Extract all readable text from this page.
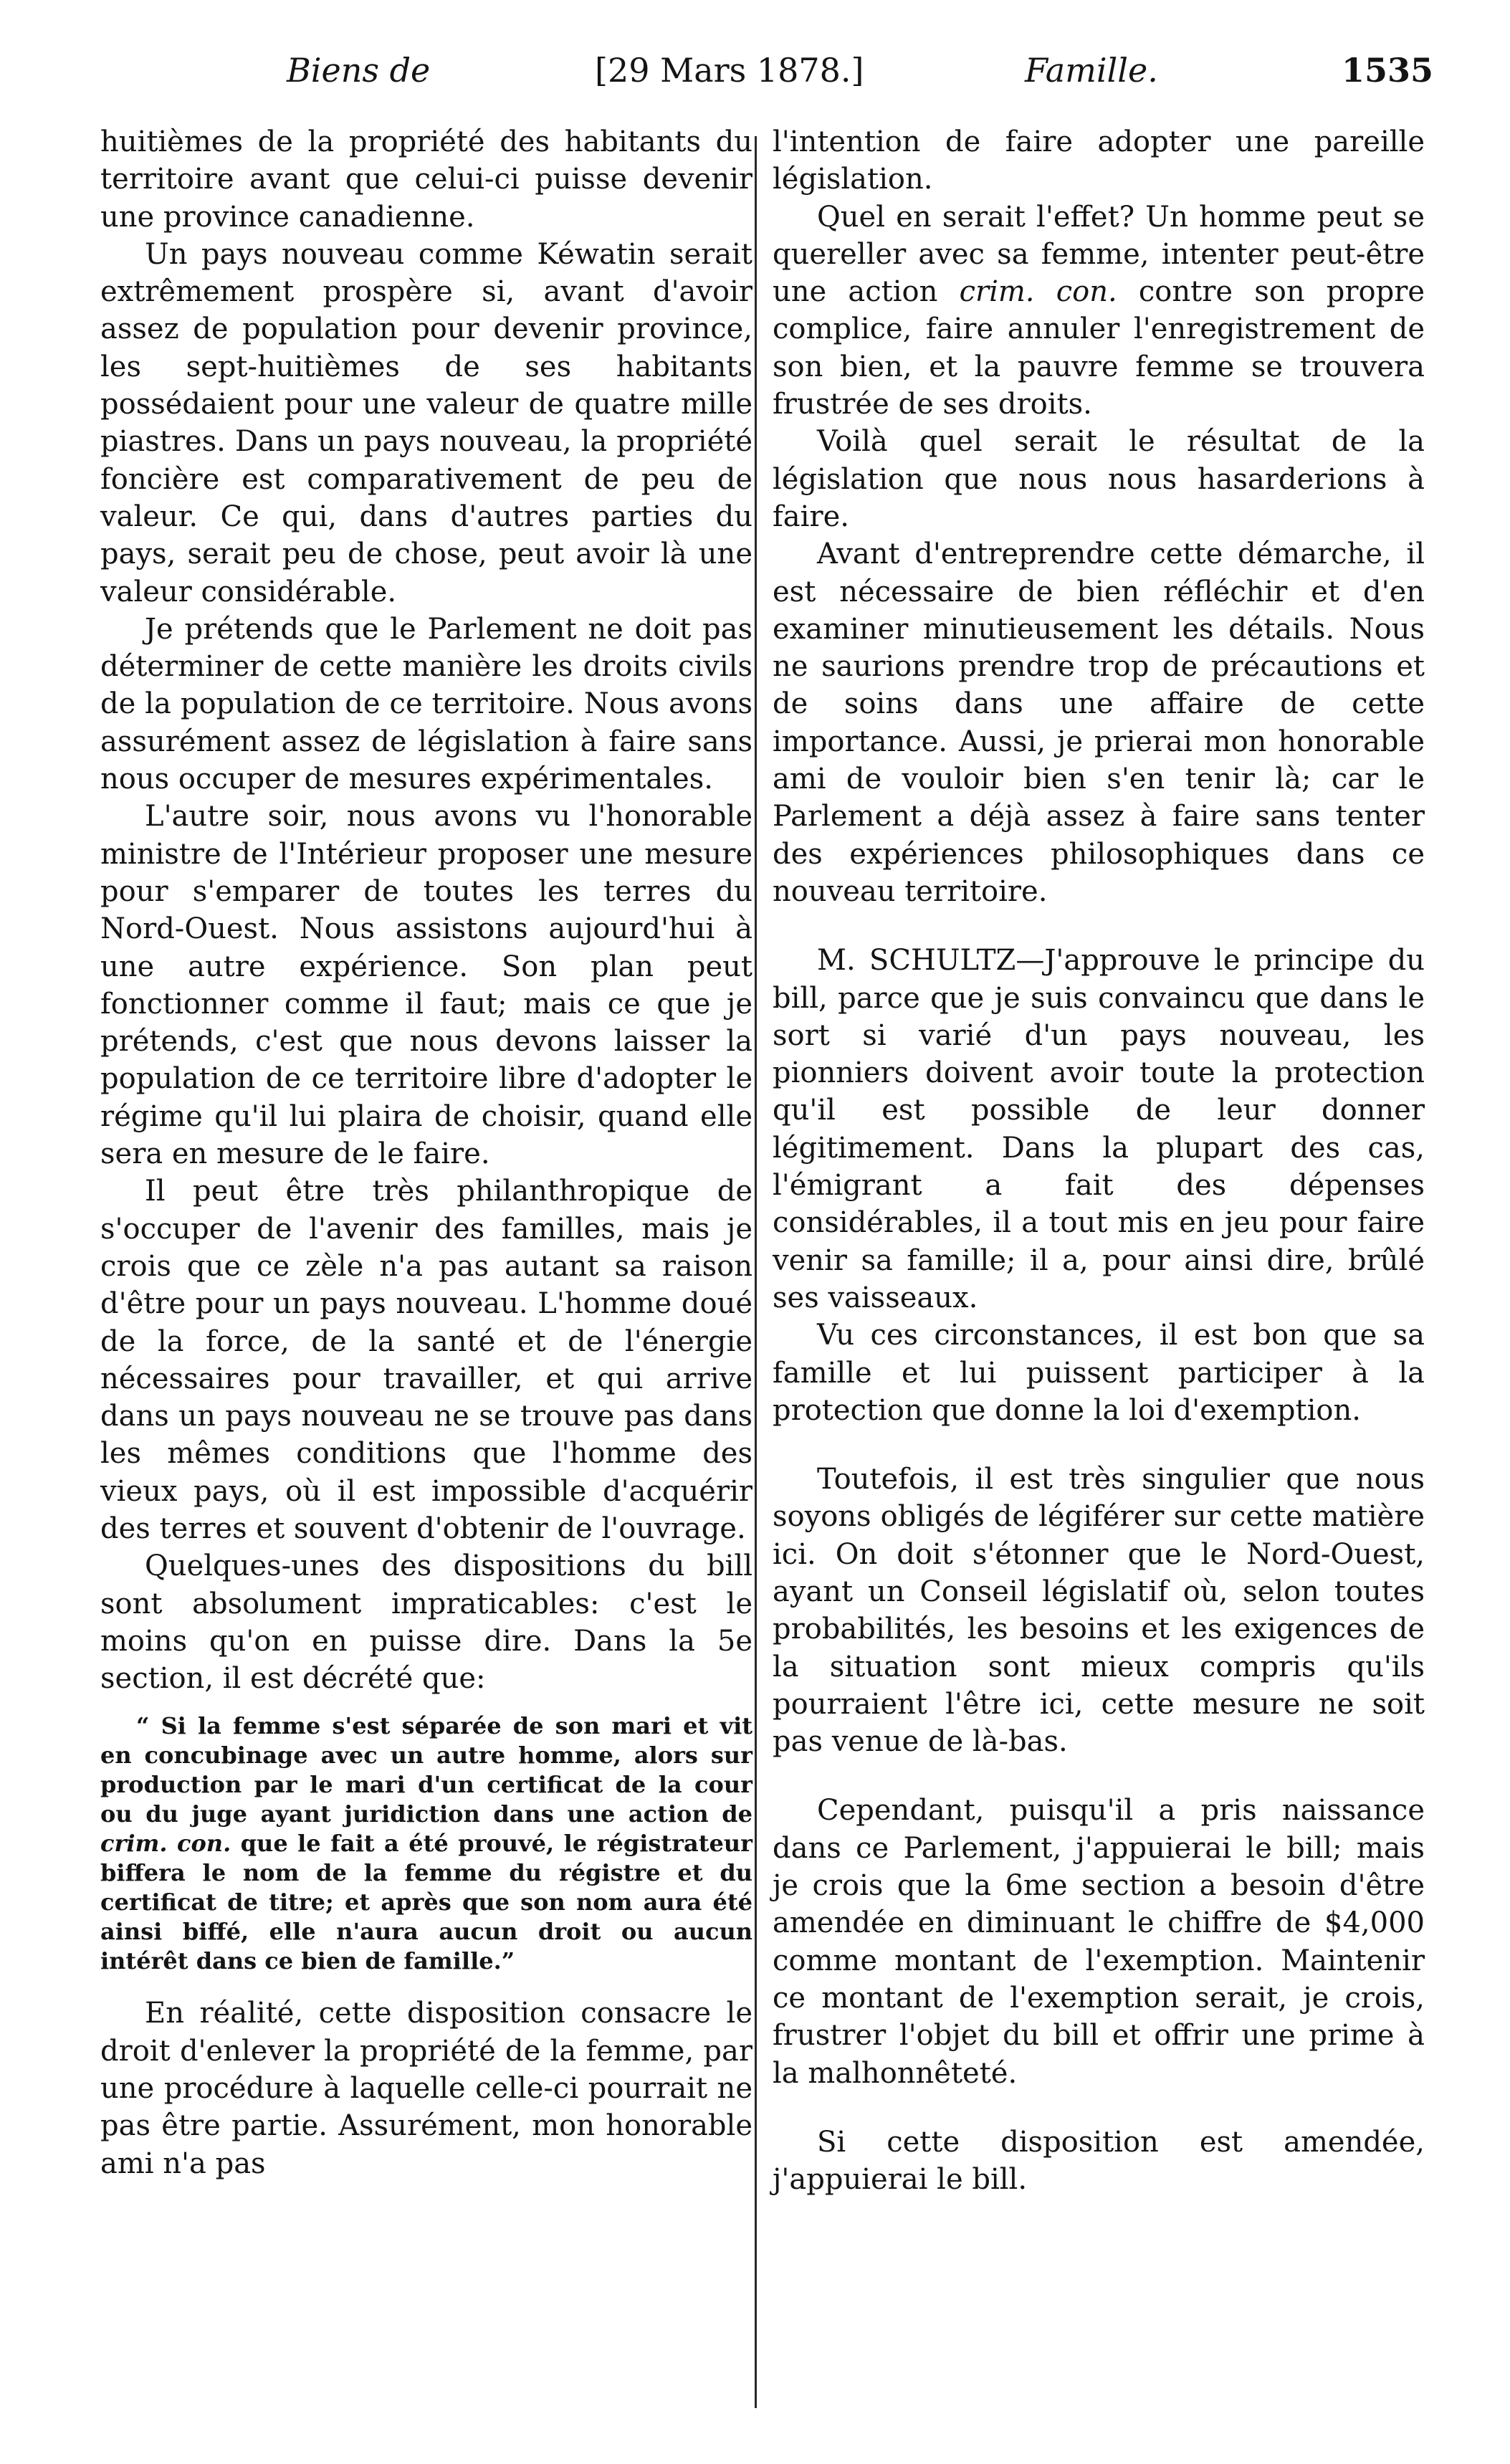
Biens de	[29 Mars 1878.]	Famille.	1535

huitièmes de la propriété des habitants du territoire avant que celui-ci puisse devenir une province canadienne.

Un pays nouveau comme Kéwatin serait extrêmement prospère si, avant d'avoir assez de population pour devenir province, les sept-huitièmes de ses habitants possédaient pour une valeur de quatre mille piastres. Dans un pays nouveau, la propriété foncière est comparativement de peu de valeur. Ce qui, dans d'autres parties du pays, serait peu de chose, peut avoir là une valeur considérable.

Je prétends que le Parlement ne doit pas déterminer de cette manière les droits civils de la population de ce territoire. Nous avons assurément assez de législation à faire sans nous occuper de mesures expérimentales.

L'autre soir, nous avons vu l'honorable ministre de l'Intérieur proposer une mesure pour s'emparer de toutes les terres du Nord-Ouest. Nous assistons aujourd'hui à une autre expérience. Son plan peut fonctionner comme il faut; mais ce que je prétends, c'est que nous devons laisser la population de ce territoire libre d'adopter le régime qu'il lui plaira de choisir, quand elle sera en mesure de le faire.

Il peut être très philanthropique de s'occuper de l'avenir des familles, mais je crois que ce zèle n'a pas autant sa raison d'être pour un pays nouveau. L'homme doué de la force, de la santé et de l'énergie nécessaires pour travailler, et qui arrive dans un pays nouveau ne se trouve pas dans les mêmes conditions que l'homme des vieux pays, où il est impossible d'acquérir des terres et souvent d'obtenir de l'ouvrage.

Quelques-unes des dispositions du bill sont absolument impraticables: c'est le moins qu'on en puisse dire. Dans la 5e section, il est décrété que:

“ Si la femme s'est séparée de son mari et vit en concubinage avec un autre homme, alors sur production par le mari d'un certificat de la cour ou du juge ayant juridiction dans une action de crim. con. que le fait a été prouvé, le régistrateur biffera le nom de la femme du régistre et du certificat de titre; et après que son nom aura été ainsi biffé, elle n'aura aucun droit ou aucun intérêt dans ce bien de famille.”

En réalité, cette disposition consacre le droit d'enlever la propriété de la femme, par une procédure à laquelle celle-ci pourrait ne pas être partie. Assurément, mon honorable ami n'a pas

l'intention de faire adopter une pareille législation.

Quel en serait l'effet? Un homme peut se quereller avec sa femme, intenter peut-être une action crim. con. contre son propre complice, faire annuler l'enregistrement de son bien, et la pauvre femme se trouvera frustrée de ses droits.

Voilà quel serait le résultat de la législation que nous nous hasarderions à faire.

Avant d'entreprendre cette démarche, il est nécessaire de bien réfléchir et d'en examiner minutieusement les détails. Nous ne saurions prendre trop de précautions et de soins dans une affaire de cette importance. Aussi, je prierai mon honorable ami de vouloir bien s'en tenir là; car le Parlement a déjà assez à faire sans tenter des expériences philosophiques dans ce nouveau territoire.

M. SCHULTZ—J'approuve le principe du bill, parce que je suis convaincu que dans le sort si varié d'un pays nouveau, les pionniers doivent avoir toute la protection qu'il est possible de leur donner légitimement. Dans la plupart des cas, l'émigrant a fait des dépenses considérables, il a tout mis en jeu pour faire venir sa famille; il a, pour ainsi dire, brûlé ses vaisseaux.

Vu ces circonstances, il est bon que sa famille et lui puissent participer à la protection que donne la loi d'exemption.

Toutefois, il est très singulier que nous soyons obligés de légiférer sur cette matière ici. On doit s'étonner que le Nord-Ouest, ayant un Conseil législatif où, selon toutes probabilités, les besoins et les exigences de la situation sont mieux compris qu'ils pourraient l'être ici, cette mesure ne soit pas venue de là-bas.

Cependant, puisqu'il a pris naissance dans ce Parlement, j'appuierai le bill; mais je crois que la 6me section a besoin d'être amendée en diminuant le chiffre de $4,000 comme montant de l'exemption. Maintenir ce montant de l'exemption serait, je crois, frustrer l'objet du bill et offrir une prime à la malhonnêteté.

Si cette disposition est amendée, j'appuierai le bill.
